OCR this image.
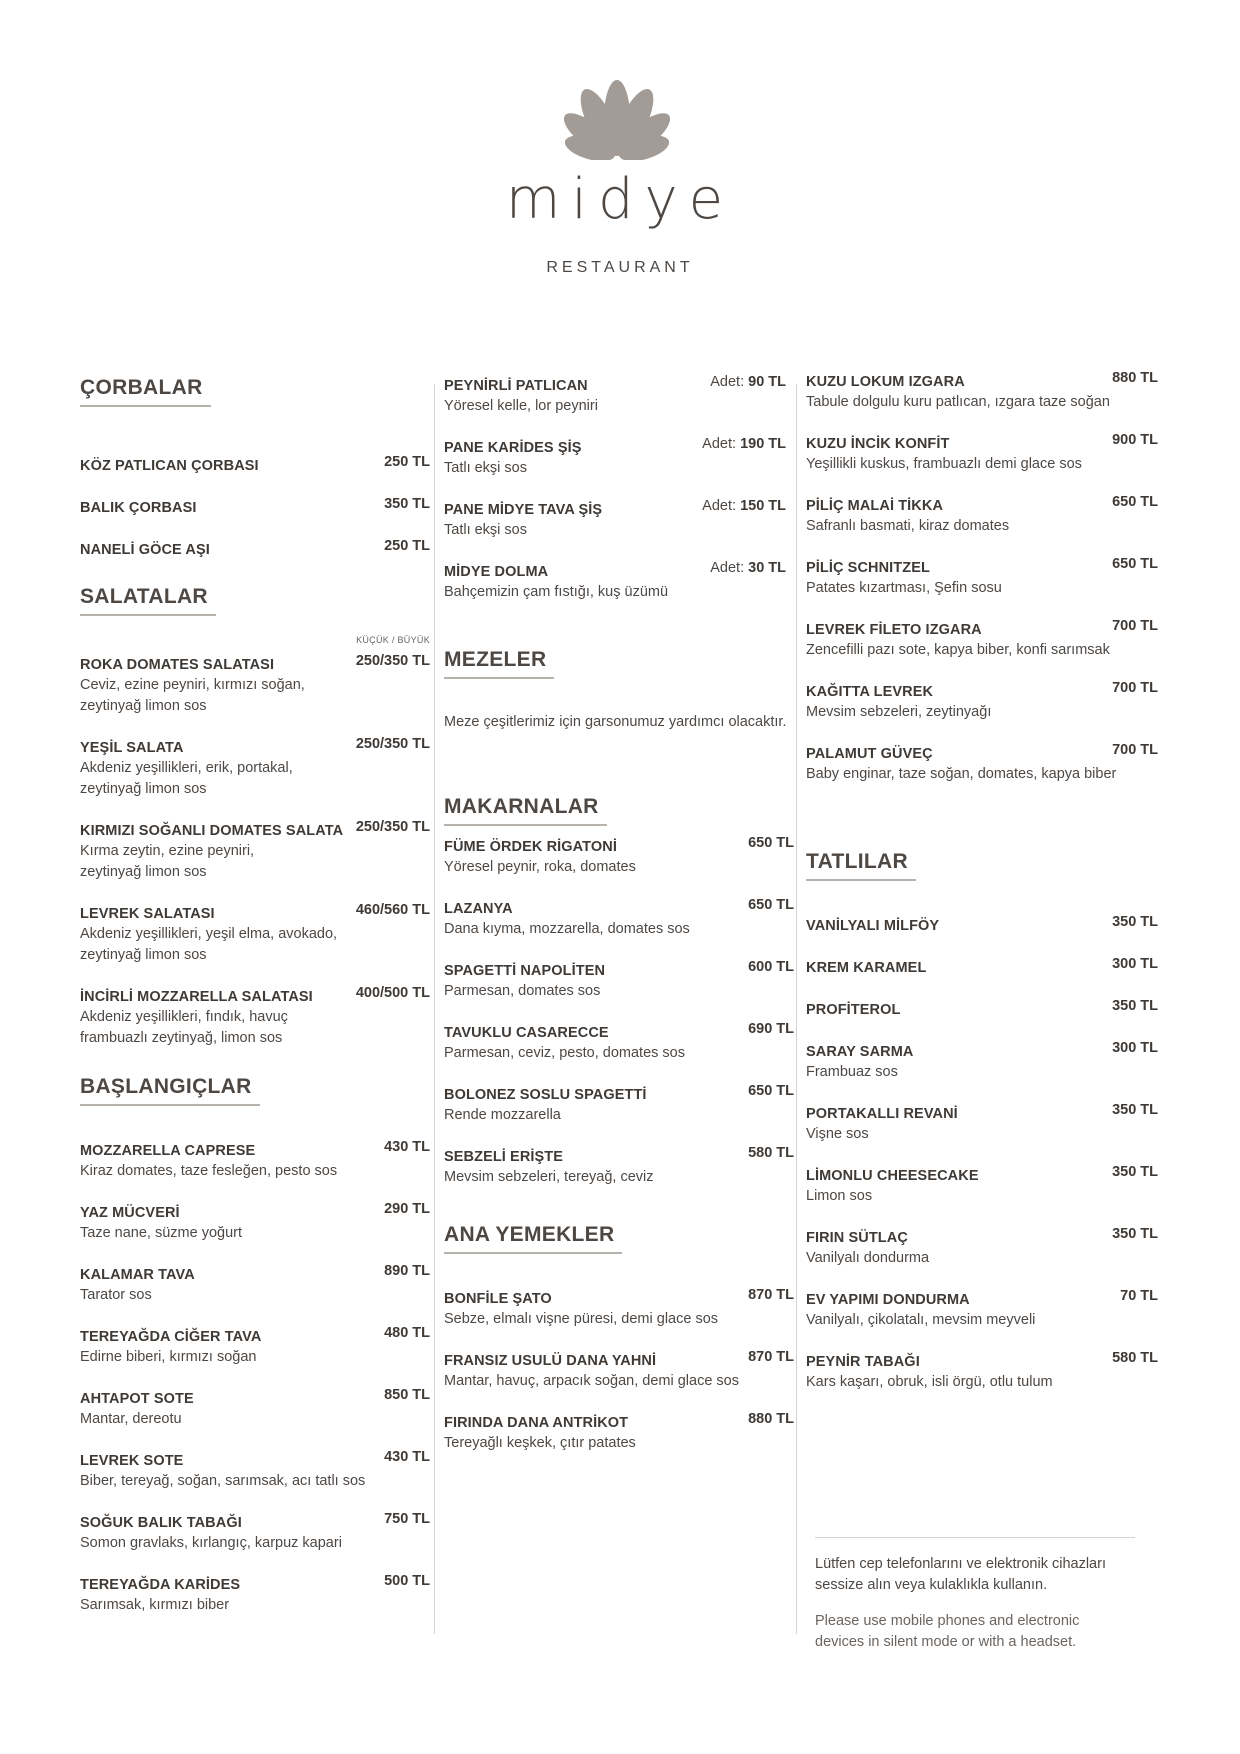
midye
RESTAURANT
ÇORBALAR
KÖZ PATLICAN ÇORBASI	250 TL
BALIK ÇORBASI	350 TL
NANELİ GÖCE AŞI	250 TL
SALATALAR
KÜÇÜK / BÜYÜK
ROKA DOMATES SALATASI	250/350 TL
Ceviz, ezine peyniri, kırmızı soğan,
zeytinyağ limon sos
YEŞİL SALATA	250/350 TL
Akdeniz yeşillikleri, erik, portakal,
zeytinyağ limon sos
KIRMIZI SOĞANLI DOMATES SALATA 250/350 TL
Kırma zeytin, ezine peyniri,
zeytinyağ limon sos
LEVREK SALATASI	460/560 TL
Akdeniz yeşillikleri, yeşil elma, avokado,
zeytinyağ limon sos
İNCİRLİ MOZZARELLA SALATASI	400/500 TL
Akdeniz yeşillikleri, fındık, havuç
frambuazlı zeytinyağ, limon sos
BAŞLANGIÇLAR
MOZZARELLA CAPRESE	430 TL
Kiraz domates, taze fesleğen, pesto sos
YAZ MÜCVERİ	290 TL
Taze nane, süzme yoğurt
KALAMAR TAVA	890 TL
Tarator sos
TEREYAĞDA CİĞER TAVA	480 TL
Edirne biberi, kırmızı soğan
AHTAPOT SOTE	850 TL
Mantar, dereotu
LEVREK SOTE	430 TL
Biber, tereyağ, soğan, sarımsak, acı tatlı sos
SOĞUK BALIK TABAĞI	750 TL
Somon gravlaks, kırlangıç, karpuz kapari
TEREYAĞDA KARİDES	500 TL
Sarımsak, kırmızı biber
PEYNİRLİ PATLICAN	Adet: 90 TL
Yöresel kelle, lor peyniri
PANE KARİDES ŞİŞ	Adet: 190 TL
Tatlı ekşi sos
PANE MİDYE TAVA ŞİŞ	Adet: 150 TL
Tatlı ekşi sos
MİDYE DOLMA	Adet: 30 TL
Bahçemizin çam fıstığı, kuş üzümü
MEZELER
Meze çeşitlerimiz için garsonumuz yardımcı olacaktır.
MAKARNALAR
FÜME ÖRDEK RİGATONİ	650 TL
Yöresel peynir, roka, domates
LAZANYA	650 TL
Dana kıyma, mozzarella, domates sos
SPAGETTİ NAPOLİTEN	600 TL
Parmesan, domates sos
TAVUKLU CASARECCE	690 TL
Parmesan, ceviz, pesto, domates sos
BOLONEZ SOSLU SPAGETTİ	650 TL
Rende mozzarella
SEBZELİ ERİŞTE	580 TL
Mevsim sebzeleri, tereyağ, ceviz
ANA YEMEKLER
BONFİLE ŞATO	870 TL
Sebze, elmalı vişne püresi, demi glace sos
FRANSIZ USULÜ DANA YAHNİ	870 TL
Mantar, havuç, arpacık soğan, demi glace sos
FIRINDA DANA ANTRİKOT	880 TL
Tereyağlı keşkek, çıtır patates
KUZU LOKUM IZGARA	880 TL
Tabule dolgulu kuru patlıcan, ızgara taze soğan
KUZU İNCİK KONFİT	900 TL
Yeşillikli kuskus, frambuazlı demi glace sos
PİLİÇ MALAİ TİKKA	650 TL
Safranlı basmati, kiraz domates
PİLİÇ SCHNITZEL	650 TL
Patates kızartması, Şefin sosu
LEVREK FİLETO IZGARA	700 TL
Zencefilli pazı sote, kapya biber, konfi sarımsak
KAĞITTA LEVREK	700 TL
Mevsim sebzeleri, zeytinyağı
PALAMUT GÜVEÇ	700 TL
Baby enginar, taze soğan, domates, kapya biber
TATLILAR
VANİLYALI MİLFÖY	350 TL
KREM KARAMEL	300 TL
PROFİTEROL	350 TL
SARAY SARMA	300 TL
Frambuaz sos
PORTAKALLI REVANİ	350 TL
Vişne sos
LİMONLU CHEESECAKE	350 TL
Limon sos
FIRIN SÜTLAÇ	350 TL
Vanilyalı dondurma
EV YAPIMI DONDURMA	70 TL
Vanilyalı, çikolatalı, mevsim meyveli
PEYNİR TABAĞI	580 TL
Kars kaşarı, obruk, isli örgü, otlu tulum
Lütfen cep telefonlarını ve elektronik cihazları
sessize alın veya kulaklıkla kullanın.
Please use mobile phones and electronic
devices in silent mode or with a headset.
